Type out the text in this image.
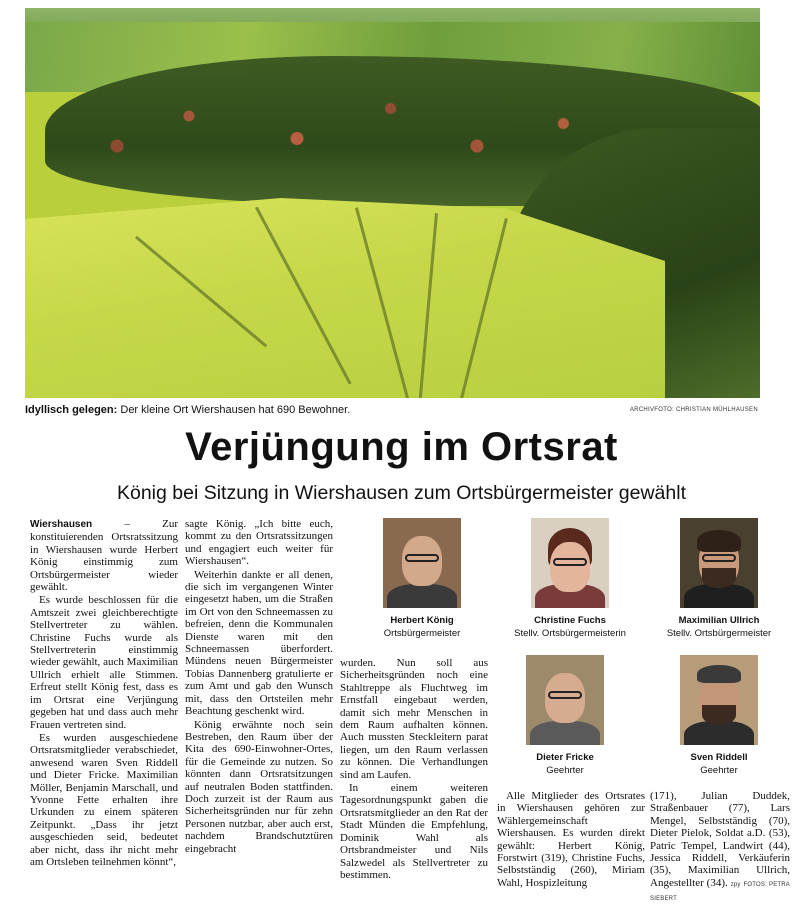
Idyllisch gelegen: Der kleine Ort Wiershausen hat 690 Bewohner.	ARCHIVFOTO: CHRISTIAN MÜHLHAUSEN
Verjüngung im Ortsrat
König bei Sitzung in Wiershausen zum Ortsbürgermeister gewählt

Wiershausen – Zur konstituierenden Ortsratssitzung in Wiershausen wurde Herbert König einstimmig zum Ortsbürgermeister wieder gewählt.

Es wurde beschlossen für die Amtszeit zwei gleichberechtigte Stellvertreter zu wählen. Christine Fuchs wurde als Stellvertreterin einstimmig wieder gewählt, auch Maximilian Ullrich erhielt alle Stimmen. Erfreut stellt König fest, dass es im Ortsrat eine Verjüngung gegeben hat und dass auch mehr Frauen vertreten sind.

Es wurden ausgeschiedene Ortsratsmitglieder verabschiedet, anwesend waren Sven Riddell und Dieter Fricke. Maximilian Möller, Benjamin Marschall, und Yvonne Fette erhalten ihre Urkunden zu einem späteren Zeitpunkt. „Dass ihr jetzt ausgeschieden seid, bedeutet aber nicht, dass ihr nicht mehr am Ortsleben teilnehmen könnt“,

sagte König. „Ich bitte euch, kommt zu den Ortsratssitzungen und engagiert euch weiter für Wiershausen“.

Weiterhin dankte er all denen, die sich im vergangenen Winter eingesetzt haben, um die Straßen im Ort von den Schneemassen zu befreien, denn die Kommunalen Dienste waren mit den Schneemassen überfordert. Mündens neuen Bürgermeister Tobias Dannenberg gratulierte er zum Amt und gab den Wunsch mit, dass den Ortsteilen mehr Beachtung geschenkt wird.

König erwähnte noch sein Bestreben, den Raum über der Kita des 690-Einwohner-Ortes, für die Gemeinde zu nutzen. So könnten dann Ortsratsitzungen auf neutralen Boden stattfinden. Doch zurzeit ist der Raum aus Sicherheitsgründen nur für zehn Personen nutzbar, aber auch erst, nachdem Brandschutztüren eingebracht

wurden. Nun soll aus Sicherheitsgründen noch eine Stahltreppe als Fluchtweg im Ernstfall eingebaut werden, damit sich mehr Menschen in dem Raum aufhalten können. Auch mussten Steckleitern parat liegen, um den Raum verlassen zu können. Die Verhandlungen sind am Laufen.

In einem weiteren Tagesordnungspunkt gaben die Ortsratsmitglieder an den Rat der Stadt Münden die Empfehlung, Dominik Wahl als Ortsbrandmeister und Nils Salzwedel als Stellvertreter zu bestimmen.

Alle Mitglieder des Ortsrates in Wiershausen gehören zur Wählergemeinschaft Wiershausen. Es wurden direkt gewählt: Herbert König, Forstwirt (319), Christine Fuchs, Selbstständig (260), Miriam Wahl, Hospizleitung

(171), Julian Duddek, Straßenbauer (77), Lars Mengel, Selbstständig (70), Dieter Pielok, Soldat a.D. (53), Patric Tempel, Landwirt (44), Jessica Riddell, Verkäuferin (35), Maximilian Ullrich, Angestellter (34). zpy FOTOS: PETRA SIEBERT

Herbert König
Ortsbürgermeister
Christine Fuchs
Stellv. Ortsbürgermeisterin
Maximilian Ullrich
Stellv. Ortsbürgermeister
Dieter Fricke
Geehrter
Sven Riddell
Geehrter
